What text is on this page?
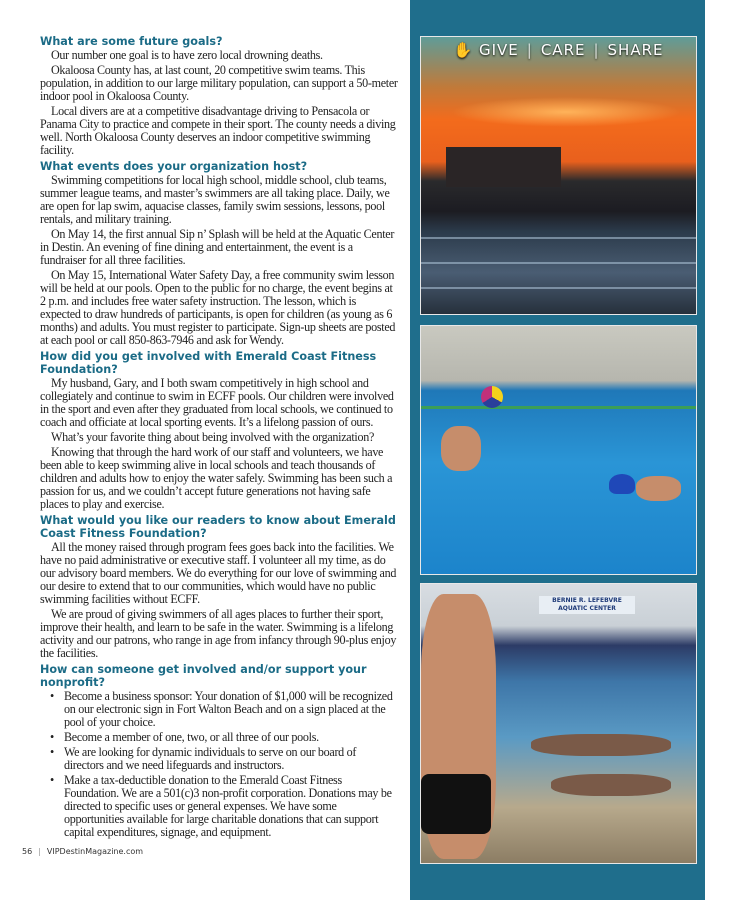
What are some future goals?

Our number one goal is to have zero local drowning deaths.

Okaloosa County has, at last count, 20 competitive swim teams. This population, in addition to our large military population, can support a 50-meter indoor pool in Okaloosa County.

Local divers are at a competitive disadvantage driving to Pensacola or Panama City to practice and compete in their sport. The county needs a diving well. North Okaloosa County deserves an indoor competitive swimming facility.

What events does your organization host?

Swimming competitions for local high school, middle school, club teams, summer league teams, and master’s swimmers are all taking place. Daily, we are open for lap swim, aquacise classes, family swim sessions, lessons, pool rentals, and military training.

On May 14, the first annual Sip n’ Splash will be held at the Aquatic Center in Destin. An evening of fine dining and entertainment, the event is a fundraiser for all three facilities.

On May 15, International Water Safety Day, a free community swim lesson will be held at our pools. Open to the public for no charge, the event begins at 2 p.m. and includes free water safety instruction. The lesson, which is expected to draw hundreds of participants, is open for children (as young as 6 months) and adults. You must register to participate. Sign-up sheets are posted at each pool or call 850-863-7946 and ask for Wendy.

How did you get involved with Emerald Coast Fitness Foundation?

My husband, Gary, and I both swam competitively in high school and collegiately and continue to swim in ECFF pools. Our children were involved in the sport and even after they graduated from local schools, we continued to coach and officiate at local sporting events. It’s a lifelong passion of ours.

What’s your favorite thing about being involved with the organization?

Knowing that through the hard work of our staff and volunteers, we have been able to keep swimming alive in local schools and teach thousands of children and adults how to enjoy the water safely. Swimming has been such a passion for us, and we couldn’t accept future generations not having safe places to play and exercise.

What would you like our readers to know about Emerald Coast Fitness Foundation?

All the money raised through program fees goes back into the facilities. We have no paid administrative or executive staff. I volunteer all my time, as do our advisory board members. We do everything for our love of swimming and our desire to extend that to our communities, which would have no public swimming facilities without ECFF.

We are proud of giving swimmers of all ages places to further their sport, improve their health, and learn to be safe in the water. Swimming is a lifelong activity and our patrons, who range in age from infancy through 90-plus enjoy the facilities.

How can someone get involved and/or support your nonprofit?
• Become a business sponsor: Your donation of $1,000 will be recognized on our electronic sign in Fort Walton Beach and on a sign placed at the pool of your choice.
• Become a member of one, two, or all three of our pools.
• We are looking for dynamic individuals to serve on our board of directors and we need lifeguards and instructors.
• Make a tax-deductible donation to the Emerald Coast Fitness Foundation. We are a 501(c)3 non-profit corporation. Donations may be directed to specific uses or general expenses. We have some opportunities available for large charitable donations that can support capital expenditures, signage, and equipment.
56 | VIPDestinMagazine.com
✋ GIVE | CARE | SHARE
BERNIE R. LEFEBVRE
AQUATIC CENTER
